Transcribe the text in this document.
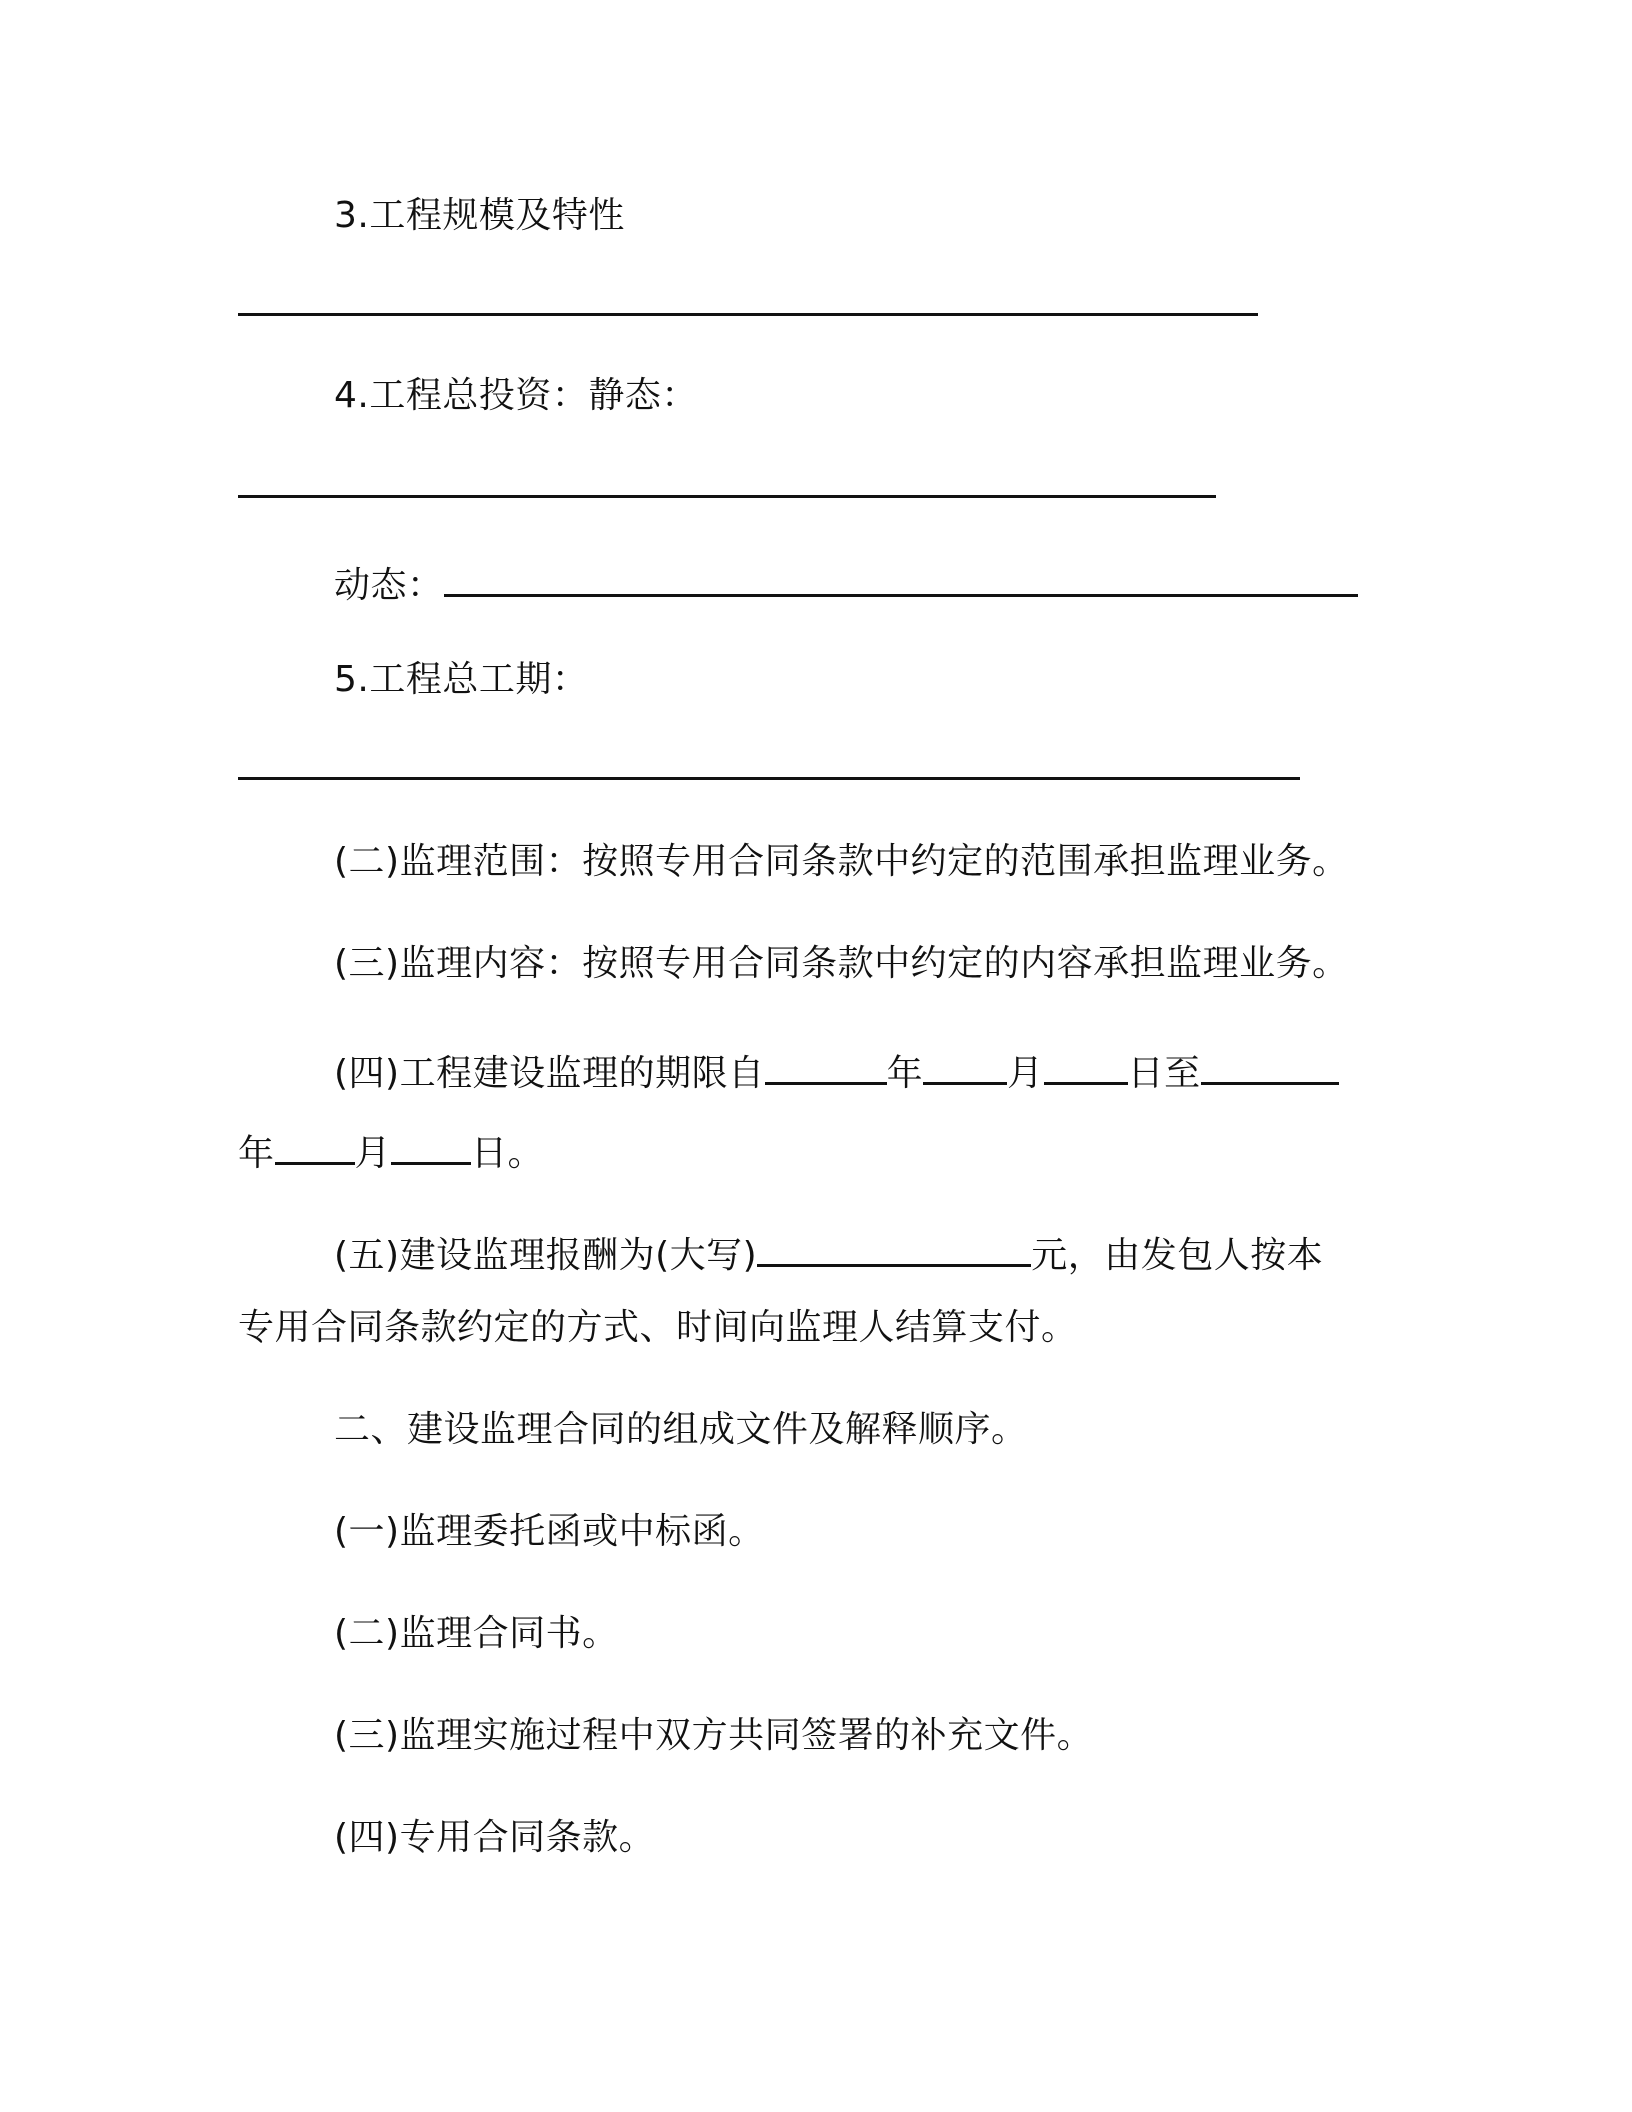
3.工程规模及特性
4.工程总投资：静态：
动态：
5.工程总工期：
(二)监理范围：按照专用合同条款中约定的范围承担监理业务。
(三)监理内容：按照专用合同条款中约定的内容承担监理业务。
(四)工程建设监理的期限自	年 月 日至
年 月 日。
(五)建设监理报酬为(大写)	元，由发包人按本
专用合同条款约定的方式、时间向监理人结算支付。
二、建设监理合同的组成文件及解释顺序。
(一)监理委托函或中标函。
(二)监理合同书。
(三)监理实施过程中双方共同签署的补充文件。
(四)专用合同条款。
